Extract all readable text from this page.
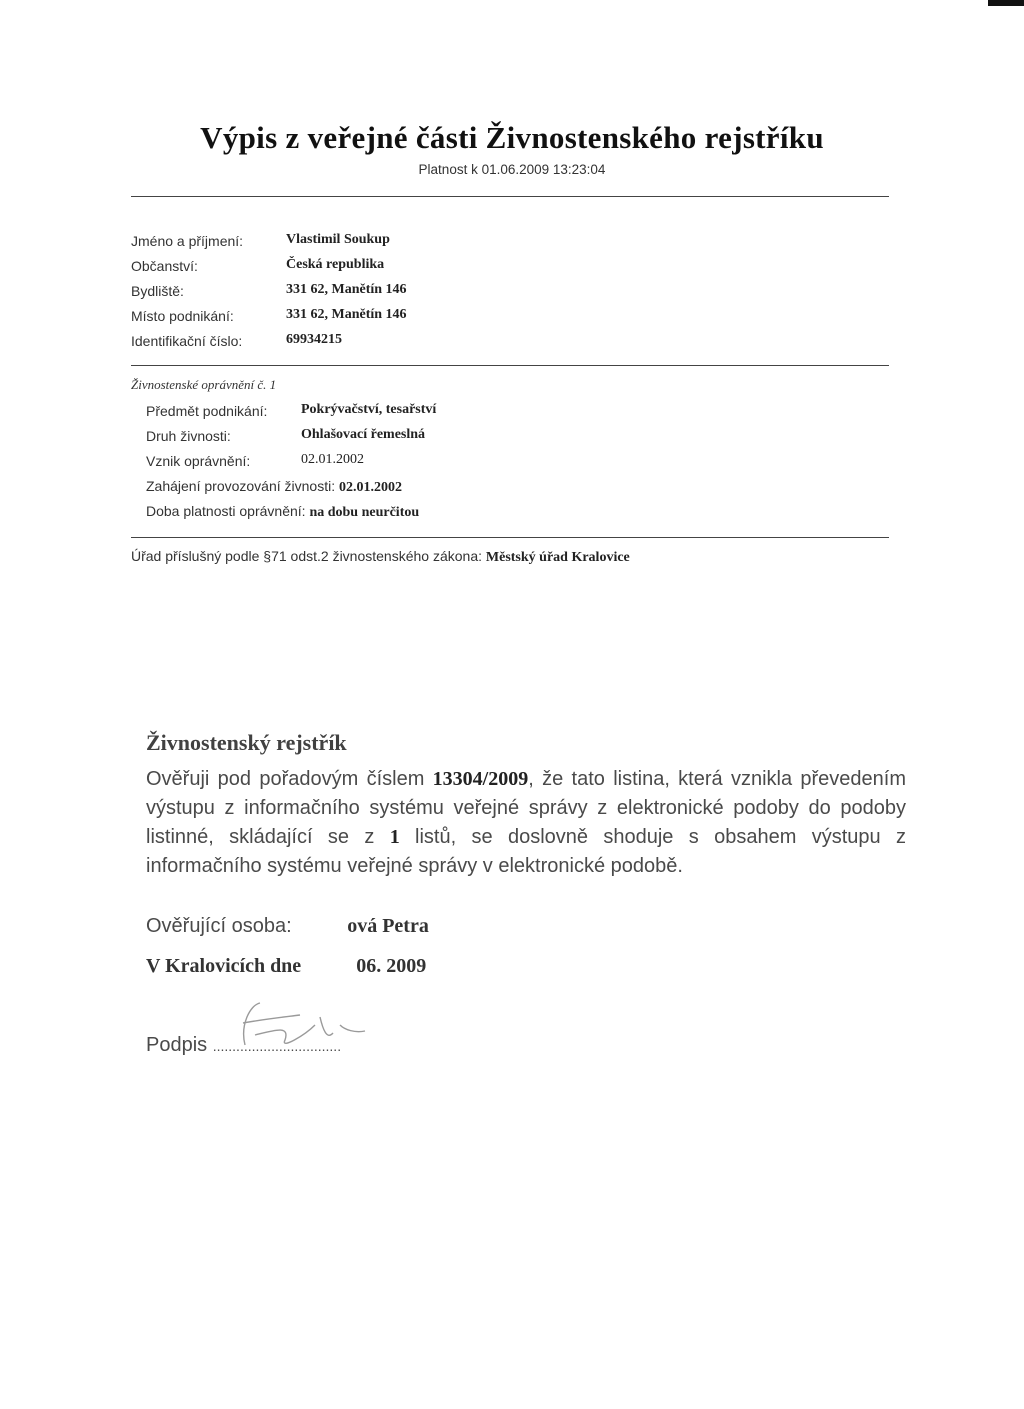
Výpis z veřejné části Živnostenského rejstříku
Platnost k 01.06.2009 13:23:04
Jméno a příjmení:	Vlastimil Soukup
Občanství:	Česká republika
Bydliště:	331 62, Manětín 146
Místo podnikání:	331 62, Manětín 146
Identifikační číslo:	69934215
Živnostenské oprávnění č. 1
Předmět podnikání: Pokrývačství, tesařství
Druh živnosti:	Ohlašovací řemeslná
Vznik oprávnění:	02.01.2002
Zahájení provozování živnosti: 02.01.2002
Doba platnosti oprávnění: na dobu neurčitou
Úřad příslušný podle §71 odst.2 živnostenského zákona: Městský úřad Kralovice
Živnostenský rejstřík
Ověřuji pod pořadovým číslem 13304/2009, že tato listina, která vznikla převedením výstupu z informačního systému veřejné správy z elektronické podoby do podoby listinné, skládající se z 1 listů, se doslovně shoduje s obsahem výstupu z informačního systému veřejné správy v elektronické podobě.
Ověřující osoba:	ová Petra
V Kralovicích dne	06. 2009
Podpis .................................
